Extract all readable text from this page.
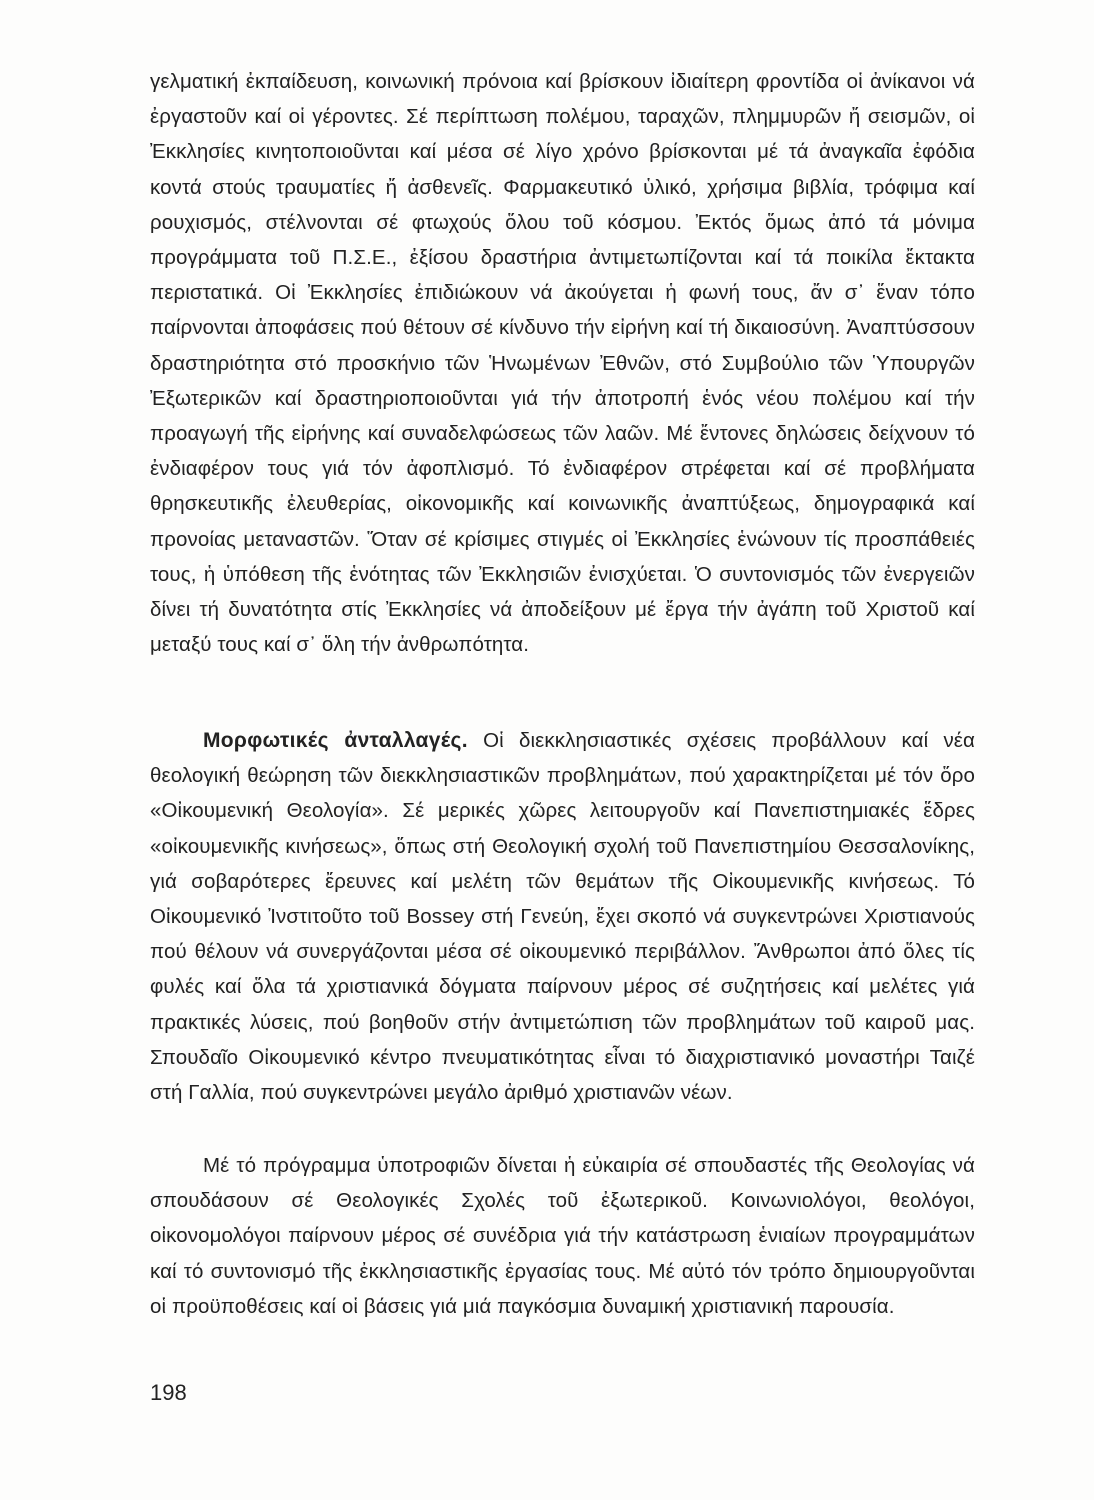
γελματική ἐκπαίδευση, κοινωνική πρόνοια καί βρίσκουν ἰδιαίτερη φροντίδα οἱ ἀνίκανοι νά ἐργαστοῦν καί οἱ γέροντες. Σέ περίπτωση πολέμου, ταραχῶν, πλημμυρῶν ἤ σεισμῶν, οἱ Ἐκκλησίες κινητοποιοῦνται καί μέσα σέ λίγο χρόνο βρίσκονται μέ τά ἀναγκαῖα ἐφόδια κοντά στούς τραυματίες ἤ ἀσθενεῖς. Φαρμακευτικό ὑλικό, χρήσιμα βιβλία, τρόφιμα καί ρουχισμός, στέλνονται σέ φτωχούς ὅλου τοῦ κόσμου. Ἐκτός ὅμως ἀπό τά μόνιμα προγράμματα τοῦ Π.Σ.Ε., ἐξίσου δραστήρια ἀντιμετωπίζονται καί τά ποικίλα ἔκτακτα περιστατικά. Οἱ Ἐκκλησίες ἐπιδιώκουν νά ἀκούγεται ἡ φωνή τους, ἄν σ᾿ ἕναν τόπο παίρνονται ἀποφάσεις πού θέτουν σέ κίνδυνο τήν εἰρήνη καί τή δικαιοσύνη. Ἀναπτύσσουν δραστηριότητα στό προσκήνιο τῶν Ἡνωμένων Ἐθνῶν, στό Συμβούλιο τῶν Ὑπουργῶν Ἐξωτερικῶν καί δραστηριοποιοῦνται γιά τήν ἀποτροπή ἑνός νέου πολέμου καί τήν προαγωγή τῆς εἰρήνης καί συναδελφώσεως τῶν λαῶν. Μέ ἔντονες δηλώσεις δείχνουν τό ἐνδιαφέρον τους γιά τόν ἀφοπλισμό. Τό ἐνδιαφέρον στρέφεται καί σέ προβλήματα θρησκευτικῆς ἐλευθερίας, οἰκονομικῆς καί κοινωνικῆς ἀναπτύξεως, δημογραφικά καί προνοίας μεταναστῶν. Ὅταν σέ κρίσιμες στιγμές οἱ Ἐκκλησίες ἑνώνουν τίς προσπάθειές τους, ἡ ὑπόθεση τῆς ἑνότητας τῶν Ἐκκλησιῶν ἐνισχύεται. Ὁ συντονισμός τῶν ἐνεργειῶν δίνει τή δυνατότητα στίς Ἐκκλησίες νά ἀποδείξουν μέ ἔργα τήν ἀγάπη τοῦ Χριστοῦ καί μεταξύ τους καί σ᾿ ὅλη τήν ἀνθρωπότητα.
Μορφωτικές ἀνταλλαγές. Οἱ διεκκλησιαστικές σχέσεις προβάλλουν καί νέα θεολογική θεώρηση τῶν διεκκλησιαστικῶν προβλημάτων, πού χαρακτηρίζεται μέ τόν ὅρο «Οἰκουμενική Θεολογία». Σέ μερικές χῶρες λειτουργοῦν καί Πανεπιστημιακές ἕδρες «οἰκουμενικῆς κινήσεως», ὅπως στή Θεολογική σχολή τοῦ Πανεπιστημίου Θεσσαλονίκης, γιά σοβαρότερες ἔρευνες καί μελέτη τῶν θεμάτων τῆς Οἰκουμενικῆς κινήσεως. Τό Οἰκουμενικό Ἰνστιτοῦτο τοῦ Bossey στή Γενεύη, ἔχει σκοπό νά συγκεντρώνει Χριστιανούς πού θέλουν νά συνεργάζονται μέσα σέ οἰκουμενικό περιβάλλον. Ἄνθρωποι ἀπό ὅλες τίς φυλές καί ὅλα τά χριστιανικά δόγματα παίρνουν μέρος σέ συζητήσεις καί μελέτες γιά πρακτικές λύσεις, πού βοηθοῦν στήν ἀντιμετώπιση τῶν προβλημάτων τοῦ καιροῦ μας. Σπουδαῖο Οἰκουμενικό κέντρο πνευματικότητας εἶναι τό διαχριστιανικό μοναστήρι Ταιζέ στή Γαλλία, πού συγκεντρώνει μεγάλο ἀριθμό χριστιανῶν νέων.
Μέ τό πρόγραμμα ὑποτροφιῶν δίνεται ἡ εὐκαιρία σέ σπουδαστές τῆς Θεολογίας νά σπουδάσουν σέ Θεολογικές Σχολές τοῦ ἐξωτερικοῦ. Κοινωνιολόγοι, θεολόγοι, οἰκονομολόγοι παίρνουν μέρος σέ συνέδρια γιά τήν κατάστρωση ἑνιαίων προγραμμάτων καί τό συντονισμό τῆς ἐκκλησιαστικῆς ἐργασίας τους. Μέ αὐτό τόν τρόπο δημιουργοῦνται οἱ προϋποθέσεις καί οἱ βάσεις γιά μιά παγκόσμια δυναμική χριστιανική παρουσία.
198
